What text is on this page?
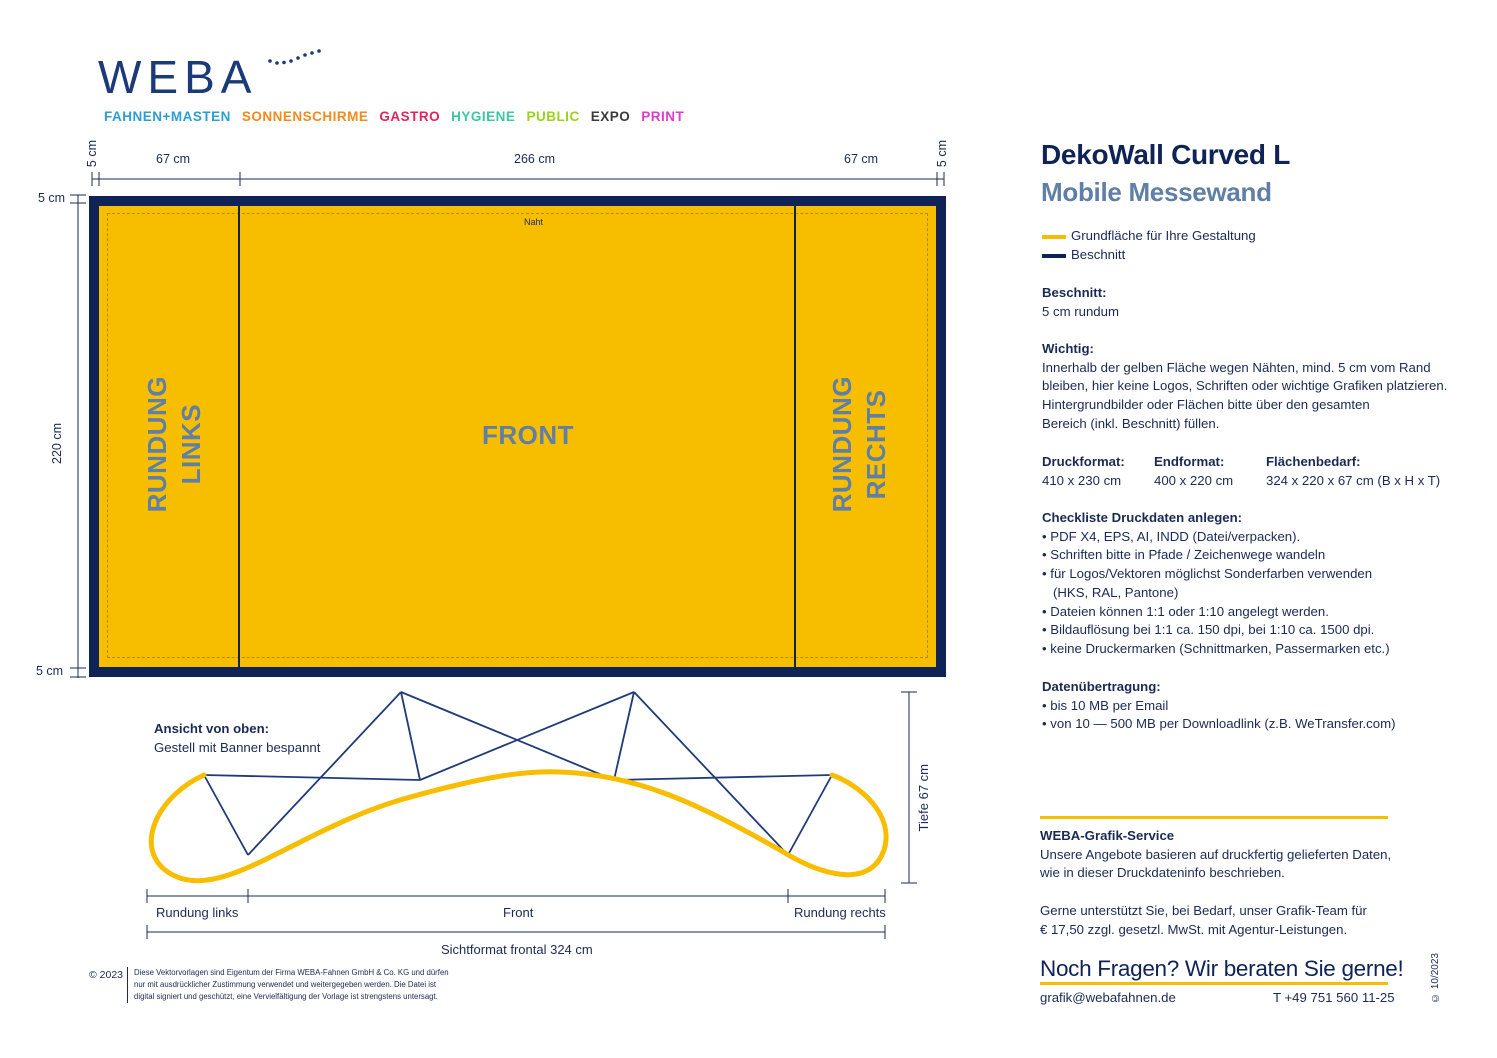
WEBA
FAHNEN+MASTEN SONNENSCHIRME GASTRO HYGIENE PUBLIC EXPO PRINT
5 cm	67 cm	266 cm	67 cm	5 cm
5 cm
220 cm
5 cm
Naht
RUNDUNG LINKS	FRONT	RUNDUNG RECHTS
Ansicht von oben:
Gestell mit Banner bespannt
Tiefe 67 cm
Rundung links	Front	Rundung rechts
Sichtformat frontal 324 cm
© 2023 Diese Vektorvorlagen sind Eigentum der Firma WEBA-Fahnen GmbH & Co. KG und dürfen
nur mit ausdrücklicher Zustimmung verwendet und weitergegeben werden. Die Datei ist
digital signiert und geschützt, eine Vervielfältigung der Vorlage ist strengstens untersagt.
DekoWall Curved L
Mobile Messewand
Grundfläche für Ihre Gestaltung
Beschnitt
Beschnitt:
5 cm rundum
Wichtig:
Innerhalb der gelben Fläche wegen Nähten, mind. 5 cm vom Rand
bleiben, hier keine Logos, Schriften oder wichtige Grafiken platzieren.
Hintergrundbilder oder Flächen bitte über den gesamten
Bereich (inkl. Beschnitt) füllen.
Druckformat:
410 x 230 cm
Endformat:
400 x 220 cm
Flächenbedarf:
324 x 220 x 67 cm (B x H x T)
Checkliste Druckdaten anlegen:
• PDF X4, EPS, AI, INDD (Datei/verpacken).
• Schriften bitte in Pfade / Zeichenwege wandeln
• für Logos/Vektoren möglichst Sonderfarben verwenden
(HKS, RAL, Pantone)
• Dateien können 1:1 oder 1:10 angelegt werden.
• Bildauflösung bei 1:1 ca. 150 dpi, bei 1:10 ca. 1500 dpi.
• keine Druckermarken (Schnittmarken, Passermarken etc.)
Datenübertragung:
• bis 10 MB per Email
• von 10 — 500 MB per Downloadlink (z.B. WeTransfer.com)
WEBA-Grafik-Service
Unsere Angebote basieren auf druckfertig gelieferten Daten,
wie in dieser Druckdateninfo beschrieben.
Gerne unterstützt Sie, bei Bedarf, unser Grafik-Team für
€ 17,50 zzgl. gesetzl. MwSt. mit Agentur-Leistungen.
Noch Fragen? Wir beraten Sie gerne!
grafik@webafahnen.de	T +49 751 560 11-25	© 10/2023
